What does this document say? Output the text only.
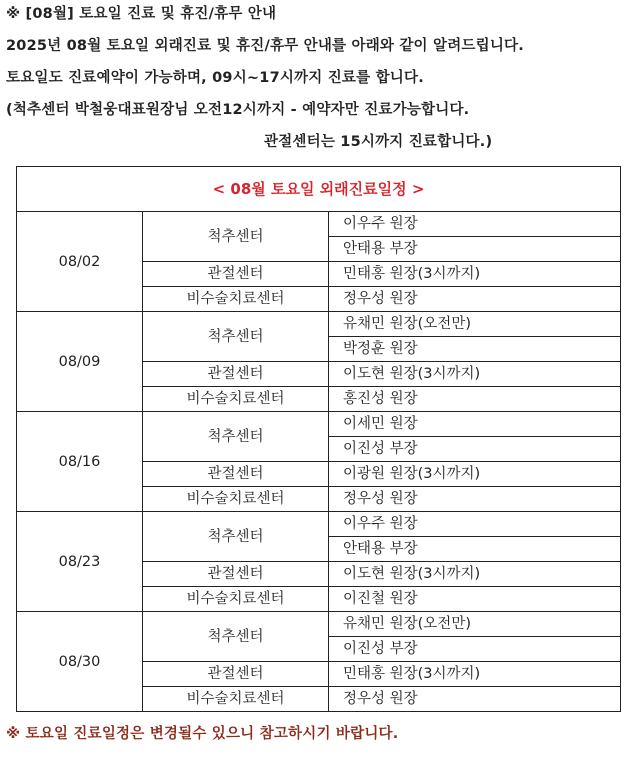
※ [08월] 토요일 진료 및 휴진/휴무 안내
2025년 08월 토요일 외래진료 및 휴진/휴무 안내를 아래와 같이 알려드립니다.
토요일도 진료예약이 가능하며, 09시~17시까지 진료를 합니다.
(척추센터 박철웅대표원장님 오전12시까지 - 예약자만 진료가능합니다.
관절센터는 15시까지 진료합니다.)
< 08월 토요일 외래진료일정 >		
08/02	척추센터	이우주 원장
		안태용 부장
	관절센터	민태홍 원장(3시까지)
	비수술치료센터	정우성 원장
08/09	척추센터	유채민 원장(오전만)
		박정훈 원장
	관절센터	이도현 원장(3시까지)
	비수술치료센터	홍진성 원장
08/16	척추센터	이세민 원장
		이진성 부장
	관절센터	이광원 원장(3시까지)
	비수술치료센터	정우성 원장
08/23	척추센터	이우주 원장
		안태용 부장
	관절센터	이도현 원장(3시까지)
	비수술치료센터	이진철 원장
08/30	척추센터	유채민 원장(오전만)
		이진성 부장
	관절센터	민태홍 원장(3시까지)
	비수술치료센터	정우성 원장
※ 토요일 진료일정은 변경될수 있으니 참고하시기 바랍니다.
